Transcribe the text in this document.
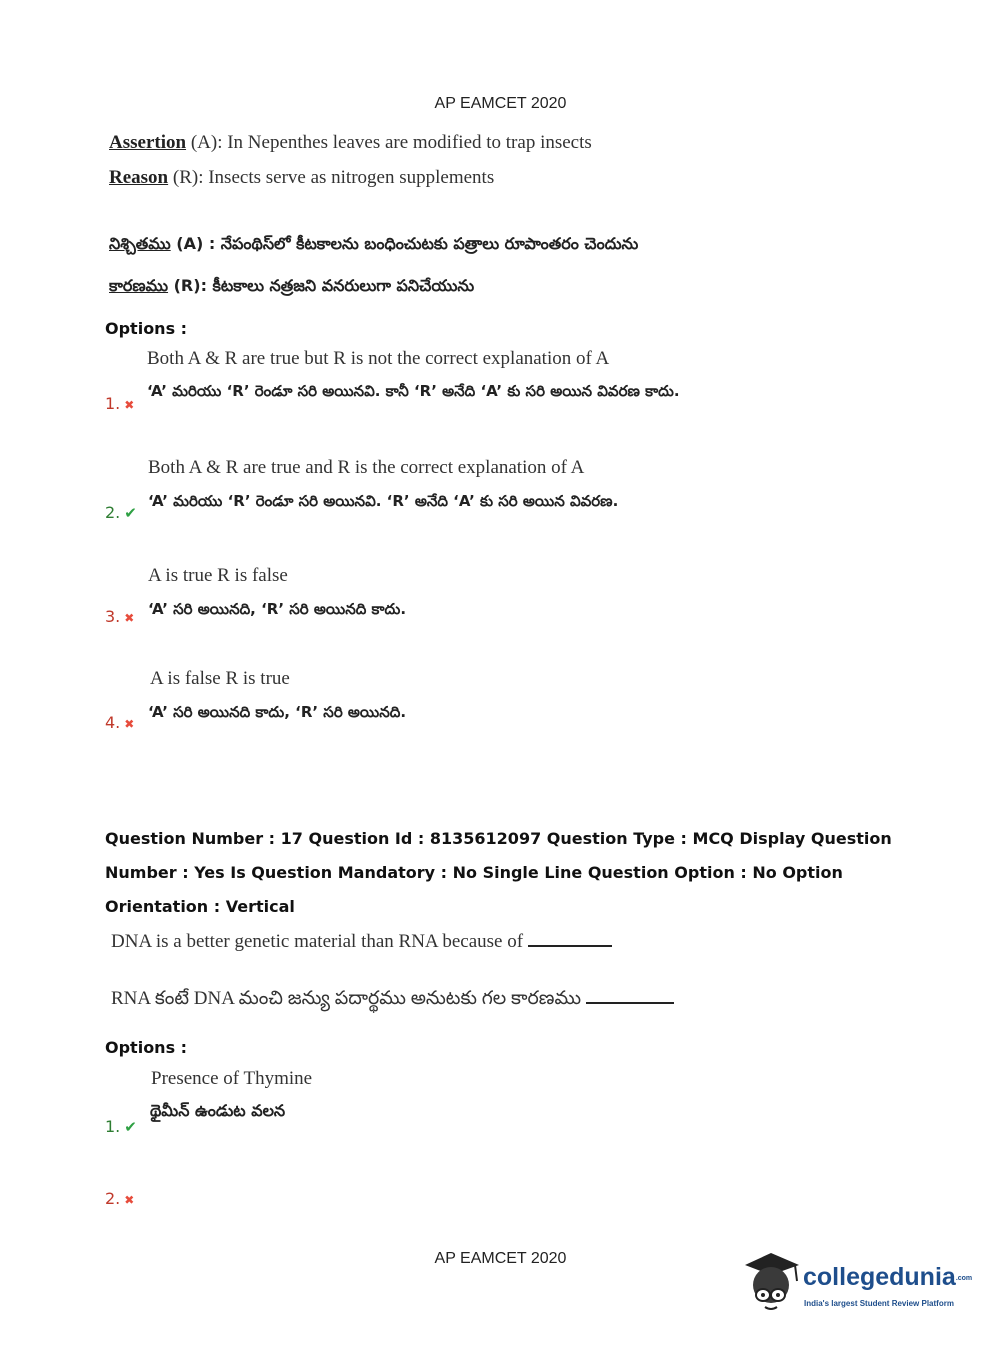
AP EAMCET 2020
Assertion (A): In Nepenthes leaves are modified to trap insects
Reason (R): Insects serve as nitrogen supplements
నిశ్చితము (A) : నేపంథిస్‌లో కీటకాలను బంధించుటకు పత్రాలు రూపాంతరం చెందును
కారణము (R): కీటకాలు నత్రజని వనరులుగా పనిచేయును
Options :
Both A & R are true but R is not the correct explanation of A
‘A’ మరియు ‘R’ రెండూ సరి అయినవి. కానీ ‘R’ అనేది ‘A’ కు సరి అయిన వివరణ కాదు.
1. ✖
Both A & R are true and R is the correct explanation of A
‘A’ మరియు ‘R’ రెండూ సరి అయినవి. ‘R’ అనేది ‘A’ కు సరి అయిన వివరణ.
2. ✔
A is true R is false
‘A’ సరి అయినది, ‘R’ సరి అయినది కాదు.
3. ✖
A is false R is true
‘A’ సరి అయినది కాదు, ‘R’ సరి అయినది.
4. ✖
Question Number : 17 Question Id : 8135612097 Question Type : MCQ Display Question
Number : Yes Is Question Mandatory : No Single Line Question Option : No Option
Orientation : Vertical
DNA is a better genetic material than RNA because of
RNA కంటే DNA మంచి జన్యు పదార్థము అనుటకు గల కారణము
Options :
Presence of Thymine
థైమీన్ ఉండుట వలన
1. ✔
2. ✖
AP EAMCET 2020
collegedunia.com
India's largest Student Review Platform
